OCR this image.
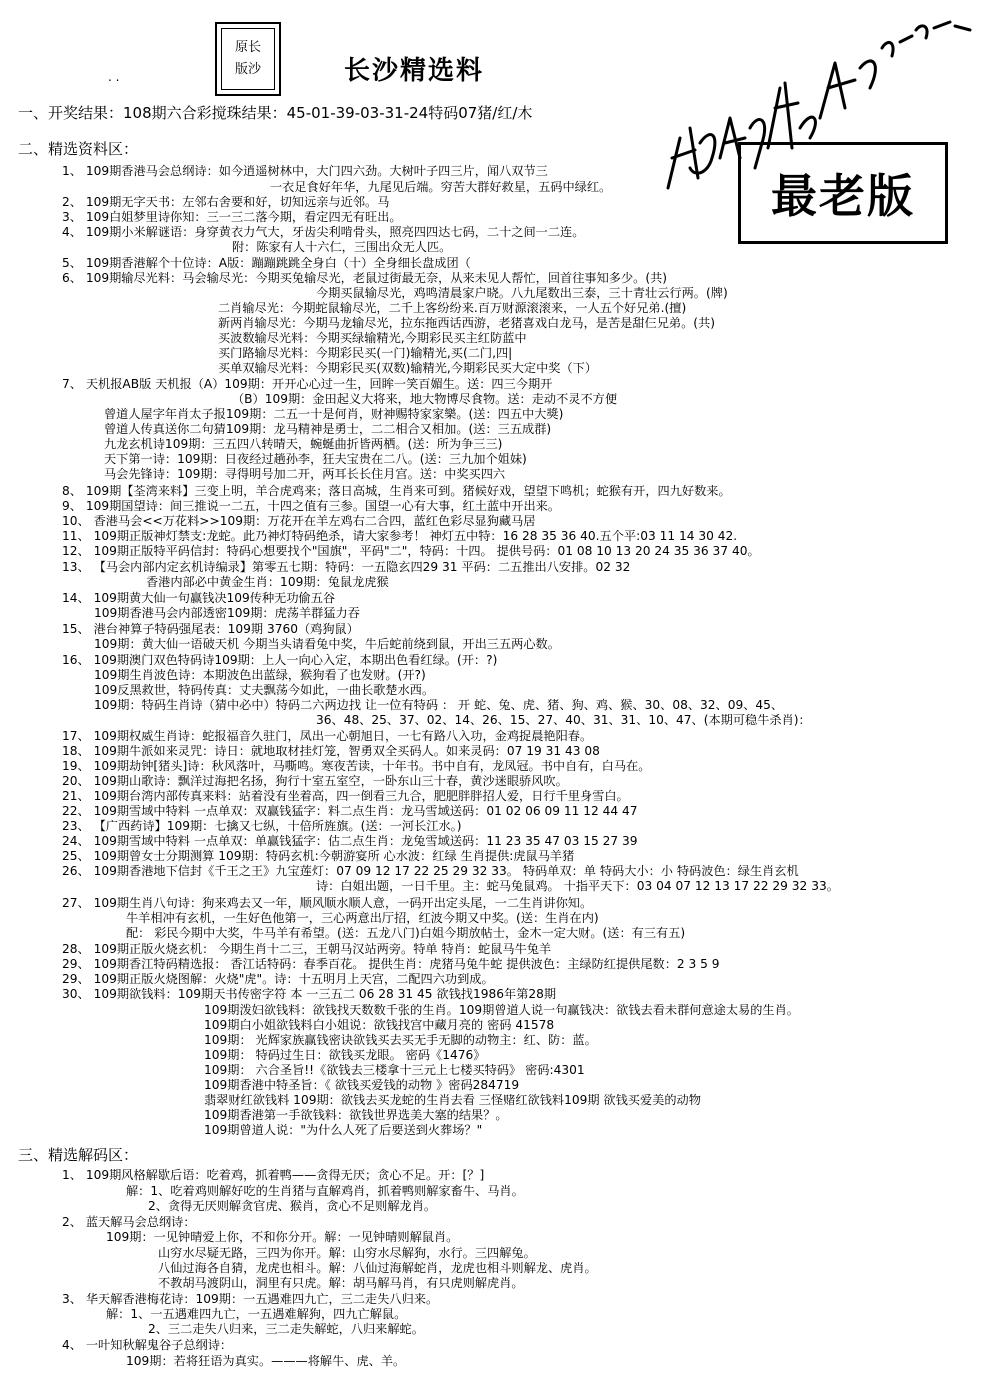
原长
版沙
. .	长沙精选料
最老版
一、开奖结果：108期六合彩搅珠结果：45-01-39-03-31-24特码07猪/红/木
二、精选资料区：
1、 109期香港马会总纲诗：如今逍遥树林中，大门四六劲。大树叶子四三片，闻八双节三
一衣足食好年华，九尾见后端。穷苦大群好救星，五码中绿红。
2、 109期无字天书：左邻右舍要和好，切知远亲与近邻。马
3、 109白姐梦里诗你知：三一三二落今期，看定四无有旺出。
4、 109期小米解谜语：身穿黄衣力气大，牙齿尖利啃骨头，照亮四四达七码，二十之间一二连。
附：陈家有人十六仁，三围出众无人匹。
5、 109期香港解个十位诗：A版：蹦蹦跳跳全身白（十）全身细长盘成团（
6、 109期输尽光料：马会输尽光：今期买兔输尽光，老鼠过街最无奈，从来未见人帮忙，回首往事知多少。(共)
今期买鼠输尽光，鸡鸣清晨家户晓。八九尾数出三泰，三十青壮云行两。(牌)
二肖输尽光：今期蛇鼠输尽光，二千上客纷纷来.百万财源滚滚来，一人五个好兄弟.(擅)
新两肖输尽光：今期马龙输尽光，拉东拖西话西游，老猪喜戏白龙马，是苦是甜仨兄弟。(共)
买波数输尽光料：今期买绿输精光,今期彩民买主红防蓝中
买门路输尽光料：今期彩民买(一门)输精光,买(二门,四|
买单双输尽光料：今期彩民买(双数)输精光,今期彩民买大定中奖（下）
7、 天机报AB版 天机报（A）109期：开开心心过一生，回眸一笑百媚生。送：四三今期开
（B）109期：金田起义大将来，地大物博尽食物。送：走动不灵不方便
曾道人屋字年肖太子报109期：二五一十是何肖，财神赐特家家樂。(送：四五中大獎)
曾道人传真送你二句猜109期：龙马精神是勇士，二二相合又相加。(送：三五成群)
九龙玄机诗109期：三五四八转晴天，蜿蜒曲折皆两栖。(送：所为争三三)
天下第一诗：109期：日夜经过趟孙李，狂夫宝贵在二八。(送：三九加个姐妹)
马会先锋诗：109期：寻得明号加二开，两耳长长住月宫。送：中奖买四六
8、 109期【荃湾来料】三变上明，羊合虎鸡来；落日高城，生肖来可到。猪候好戏，望望下鸣机；蛇猴有开，四九好数来。
9、 109期国望诗：间三推说一二五，十四之值有三参。国望一心有大事，红土蓝中开出来。
10、 香港马会<<万花料>>109期：万花开在羊左鸡右二合四，蓝红色彩尽显狗藏马居
11、 109期正版神灯禁支:龙蛇。此乃神灯特码绝杀，请大家参考！ 神灯五中特：16 28 35 36 40.五个平:03 11 14 30 42.
12、 109期正版特平码信封：特码心想要找个"国旗"，平码"二"，特码：十四。 提供号码：01 08 10 13 20 24 35 36 37 40。
13、 【马会内部内定玄机诗编录】第零五七期：特码：一五隐玄四29 31 平码：二五推出八安排。02 32
香港内部必中黄金生肖：109期：兔鼠龙虎猴
14、 109期黄大仙一句赢钱决109传种无功偷五谷
109期香港马会内部透密109期：虎荡羊群猛力吞
15、 港台神算子特码强尾表：109期 3760（鸡狗鼠）
109期：黄大仙一语破天机 今期当头请看兔中奖，牛后蛇前绕到鼠，开出三五两心数。
16、 109期澳门双色特码诗109期：上人一向心入定，本期出色看红绿。(开：?)
109期生肖波色诗：本期波色出蓝绿，猴狗看了也发财。(开?)
109反黑救世，特码传真：丈夫飘荡今如此，一曲长歌楚水西。
109期：特码生肖诗（猜中必中）特码二六两边找 让一位有特码 ： 开 蛇、兔、虎、猪、狗、鸡、猴、30、08、32、09、45、
36、48、25、37、02、14、26、15、27、40、31、31、10、47、(本期可稳牛杀肖)：
17、 109期权威生肖诗：蛇报福音久驻门，凤出一心朝旭日，一七有路八入功，金鸡捉晨艳阳春。
18、 109期牛派如来灵咒：诗日：就地取材挂灯笼，智勇双全买码人。如来灵码：07 19 31 43 08
19、 109期劫钟[猪头]诗：秋风落叶，马嘶鸣。寒夜苦读，十年书。书中自有，龙凤冠。书中自有，白马在。
20、 109期山歌诗：飘洋过海把名扬，狗行十室五室空，一卧东山三十春，黄沙迷眼骄风吹。
21、 109期台湾内部传真来料：站着没有坐着高，四一倒看三九合，肥肥胖胖招人爱，日行千里身雪白。
22、 109期雪域中特料 一点单双：双赢钱猛字：料二点生肖：龙马雪域送码：01 02 06 09 11 12 44 47
23、 【广西药诗】109期：七擒又七纵，十倍所旌旗。(送：一河长江水。)
24、 109期雪域中特料 一点单双：单赢钱猛字：估二点生肖：龙兔雪域送码：11 23 35 47 03 15 27 39
25、 109期曾女士分期测算 109期：特码玄机:今朝游宴所 心水波：红绿 生肖提供:虎鼠马羊猪
26、 109期香港地下信封《千王之王》九宝莲灯：07 09 12 17 22 25 29 32 33。 特码单双：单 特码大小：小 特码波色：绿生肖玄机
诗：白姐出题，一日千里。主：蛇马兔鼠鸡。 十指平天下：03 04 07 12 13 17 22 29 32 33。
27、 109期生肖八句诗：狗来鸡去又一年，顺风顺水顺人意，一码开出定头尾，一二生肖讲你知。
牛羊相冲有玄机，一生好色他第一，三心两意出厅招，红波今期又中奖。(送：生肖在内)
配： 彩民今期中大奖，牛马羊有希望。(送：五龙八门)白姐今期放帖士，金木一定大财。(送：有三有五)
28、 109期正版火烧玄机： 今期生肖十二三，王朝马汉站两旁。特单 特肖：蛇鼠马牛兔羊
29、 109期香江特码精选报： 香江话特码：春季百花。 提供生肖：虎猪马兔牛蛇 提供波色：主绿防红提供尾数：2 3 5 9
29、 109期正版火烧图解：火烧"虎"。诗：十五明月上天宫，二配四六功到成。
30、 109期欲钱料：109期天书传密字符 本 一三五二 06 28 31 45 欲钱找1986年第28期
109期泼妇欲钱料：欲钱找天数数千张的生肖。109期曾道人说一句赢钱决：欲钱去看未群何意途太易的生肖。
109期白小姐欲钱料白小姐说：欲钱找宫中藏月亮的 密码 41578
109期： 光辉家族赢钱密诀欲钱买去买无手无脚的动物主：红、防：蓝。
109期： 特码过生日：欲钱买龙眼。 密码《1476》
109期： 六合圣旨!!《欲钱去三楼拿十三元上七楼买特码》 密码:4301
109期香港中特圣旨：《 欲钱买爱钱的动物 》密码284719
翡翠财红欲钱料 109期：欲钱去买龙蛇的生肖去看 三怪赌红欲钱料109期 欲钱买爱美的动物
109期香港第一手欲钱料：欲钱世界选美大塞的结果？。
109期曾道人说："为什么人死了后要送到火葬场？"
三、精选解码区：
1、 109期风格解歇后语：吃着鸡，抓着鸭——贪得无厌；贪心不足。开：[？]
解：1、吃着鸡则解好吃的生肖猪与直解鸡肖，抓着鸭则解家畜牛、马肖。
2、贪得无厌则解贪官虎、猴肖，贪心不足则解龙肖。
2、 蓝天解马会总纲诗：
109期：一见钟晴爱上你，不和你分开。解：一见钟晴则解鼠肖。
山穷水尽疑无路，三四为你开。解：山穷水尽解狗，水行。三四解兔。
八仙过海各自猜，龙虎也相斗。解：八仙过海解蛇肖，龙虎也相斗则解龙、虎肖。
不教胡马渡阴山，洞里有只虎。解：胡马解马肖，有只虎则解虎肖。
3、 华天解香港梅花诗：109期：一五遇难四九亡，三二走失八归来。
解：1、一五遇难四九亡，一五遇难解狗，四九亡解鼠。
2、三二走失八归来，三二走失解蛇，八归来解蛇。
4、 一叶知秋解鬼谷子总纲诗：
109期：若将狂语为真实。———将解牛、虎、羊。
